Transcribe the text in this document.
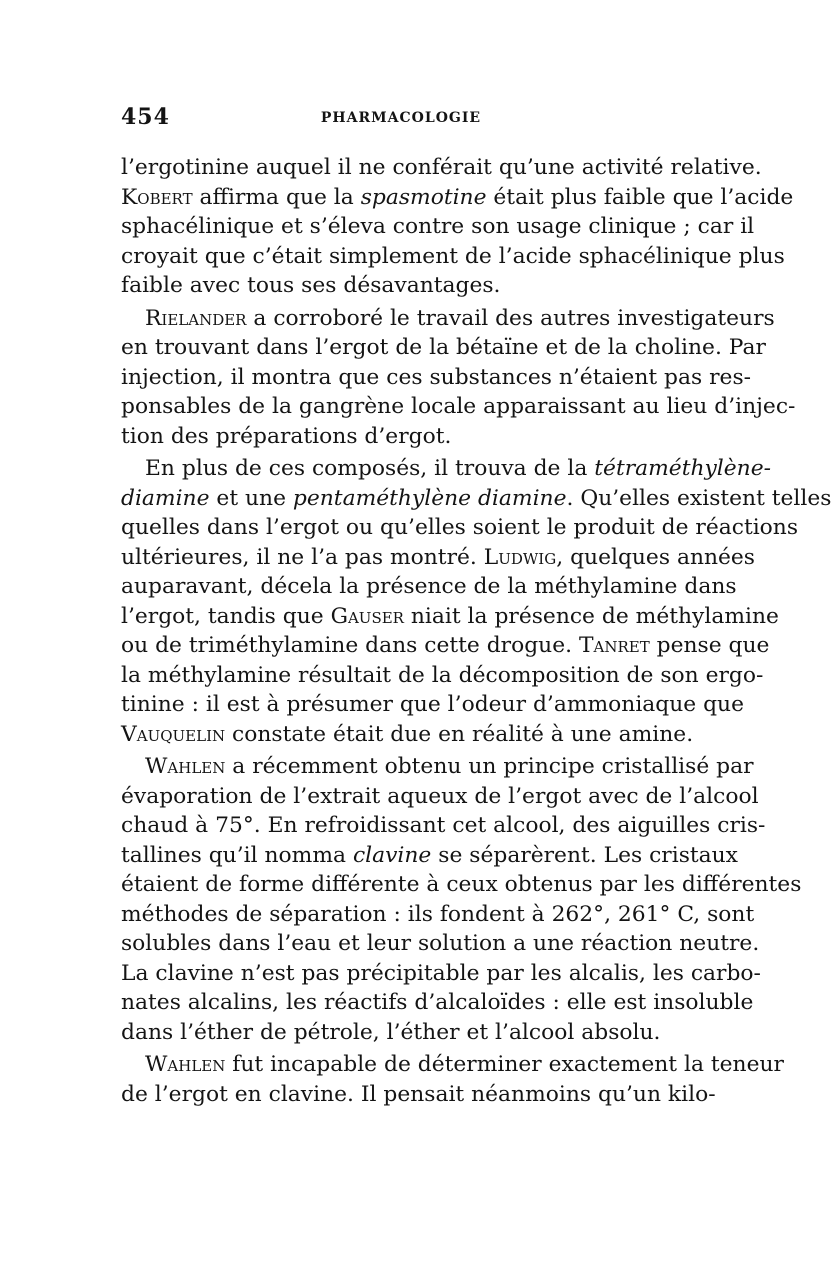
454	PHARMACOLOGIE

l’ergotinine auquel il ne conférait qu’une activité relative.
Kobert affirma que la spasmotine était plus faible que l’acide
sphacélinique et s’éleva contre son usage clinique ; car il
croyait que c’était simplement de l’acide sphacélinique plus
faible avec tous ses désavantages.

Rielander a corroboré le travail des autres investigateurs
en trouvant dans l’ergot de la bétaïne et de la choline. Par
injection, il montra que ces substances n’étaient pas res-
ponsables de la gangrène locale apparaissant au lieu d’injec-
tion des préparations d’ergot.

En plus de ces composés, il trouva de la tétraméthylène-
diamine et une pentaméthylène diamine. Qu’elles existent telles
quelles dans l’ergot ou qu’elles soient le produit de réactions
ultérieures, il ne l’a pas montré. Ludwig, quelques années
auparavant, décela la présence de la méthylamine dans
l’ergot, tandis que Gauser niait la présence de méthylamine
ou de triméthylamine dans cette drogue. Tanret pense que
la méthylamine résultait de la décomposition de son ergo-
tinine : il est à présumer que l’odeur d’ammoniaque que
Vauquelin constate était due en réalité à une amine.

Wahlen a récemment obtenu un principe cristallisé par
évaporation de l’extrait aqueux de l’ergot avec de l’alcool
chaud à 75°. En refroidissant cet alcool, des aiguilles cris-
tallines qu’il nomma clavine se séparèrent. Les cristaux
étaient de forme différente à ceux obtenus par les différentes
méthodes de séparation : ils fondent à 262°, 261° C, sont
solubles dans l’eau et leur solution a une réaction neutre.
La clavine n’est pas précipitable par les alcalis, les carbo-
nates alcalins, les réactifs d’alcaloïdes : elle est insoluble
dans l’éther de pétrole, l’éther et l’alcool absolu.

Wahlen fut incapable de déterminer exactement la teneur
de l’ergot en clavine. Il pensait néanmoins qu’un kilo-
